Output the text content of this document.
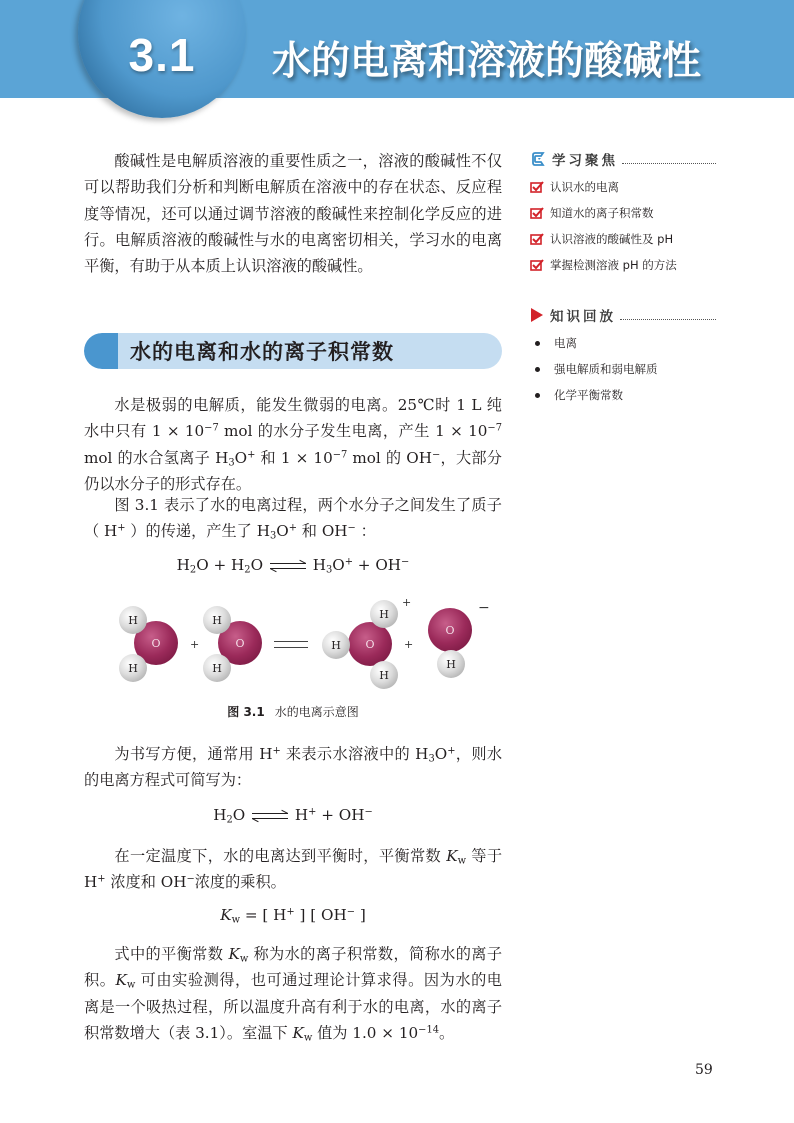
3.1	水的电离和溶液的酸碱性

酸碱性是电解质溶液的重要性质之一，溶液的酸碱性不仅可以帮助我们分析和判断电解质在溶液中的存在状态、反应程度等情况，还可以通过调节溶液的酸碱性来控制化学反应的进行。电解质溶液的酸碱性与水的电离密切相关，学习水的电离平衡，有助于从本质上认识溶液的酸碱性。

学习聚焦
认识水的电离
知道水的离子积常数
认识溶液的酸碱性及 pH
掌握检测溶液 pH 的方法
知识回放
电离
强电解质和弱电解质
化学平衡常数
水的电离和水的离子积常数

水是极弱的电解质，能发生微弱的电离。25℃时 1 L 纯水中只有 $1 \times 10^{-7}$ mol 的水分子发生电离，产生 $1 \times 10^{-7}$ mol 的水合氢离子 $H_3O^+$ 和 $1 \times 10^{-7}$ mol 的 OH−，大部分仍以水分子的形式存在。

图 3.1 表示了水的电离过程，两个水分子之间发生了质子（ H+ ）的传递，产生了 $H_3O^+$ 和 OH− ：

$H_2O + H_2O$	$H_3O^+ + OH^-$
O
H
H
+	O
H
H
O
H
H
H
+
+
O
H
−
图 3.1 水的电离示意图

为书写方便，通常用 H+ 来表示水溶液中的 $H_3O^+$，则水的电离方程式可简写为：

$H_2O$	H+ + OH−

在一定温度下，水的电离达到平衡时，平衡常数 $K_w$ 等于 H+ 浓度和 OH−浓度的乘积。

$K_w$ = [ H+ ] [ OH− ]

式中的平衡常数 $K_w$ 称为水的离子积常数，简称水的离子积。$K_w$ 可由实验测得，也可通过理论计算求得。因为水的电离是一个吸热过程，所以温度升高有利于水的电离，水的离子积常数增大（表 3.1）。室温下 $K_w$ 值为 $1.0 \times 10^{-14}$。

59
